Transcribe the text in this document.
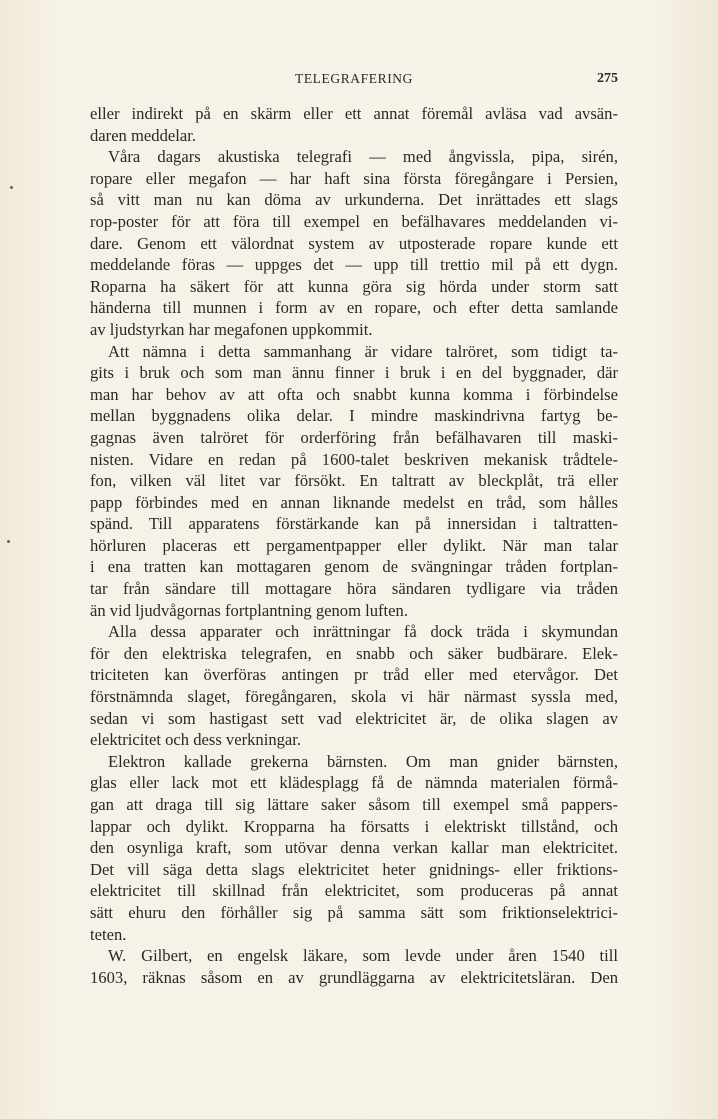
TELEGRAFERING	275
eller indirekt på en skärm eller ett annat föremål avläsa vad avsän-
daren meddelar.
Våra dagars akustiska telegrafi — med ångvissla, pipa, sirén,
ropare eller megafon — har haft sina första föregångare i Persien,
så vitt man nu kan döma av urkunderna. Det inrättades ett slags
rop-poster för att föra till exempel en befälhavares meddelanden vi-
dare. Genom ett välordnat system av utposterade ropare kunde ett
meddelande föras — uppges det — upp till trettio mil på ett dygn.
Roparna ha säkert för att kunna göra sig hörda under storm satt
händerna till munnen i form av en ropare, och efter detta samlande
av ljudstyrkan har megafonen uppkommit.
Att nämna i detta sammanhang är vidare talröret, som tidigt ta-
gits i bruk och som man ännu finner i bruk i en del byggnader, där
man har behov av att ofta och snabbt kunna komma i förbindelse
mellan byggnadens olika delar. I mindre maskindrivna fartyg be-
gagnas även talröret för orderföring från befälhavaren till maski-
nisten. Vidare en redan på 1600-talet beskriven mekanisk trådtele-
fon, vilken väl litet var försökt. En taltratt av bleckplåt, trä eller
papp förbindes med en annan liknande medelst en tråd, som hålles
spänd. Till apparatens förstärkande kan på innersidan i taltratten-
hörluren placeras ett pergamentpapper eller dylikt. När man talar
i ena tratten kan mottagaren genom de svängningar tråden fortplan-
tar från sändare till mottagare höra sändaren tydligare via tråden
än vid ljudvågornas fortplantning genom luften.
Alla dessa apparater och inrättningar få dock träda i skymundan
för den elektriska telegrafen, en snabb och säker budbärare. Elek-
triciteten kan överföras antingen pr tråd eller med etervågor. Det
förstnämnda slaget, föregångaren, skola vi här närmast syssla med,
sedan vi som hastigast sett vad elektricitet är, de olika slagen av
elektricitet och dess verkningar.
Elektron kallade grekerna bärnsten. Om man gnider bärnsten,
glas eller lack mot ett klädesplagg få de nämnda materialen förmå-
gan att draga till sig lättare saker såsom till exempel små pappers-
lappar och dylikt. Kropparna ha försatts i elektriskt tillstånd, och
den osynliga kraft, som utövar denna verkan kallar man elektricitet.
Det vill säga detta slags elektricitet heter gnidnings- eller friktions-
elektricitet till skillnad från elektricitet, som produceras på annat
sätt ehuru den förhåller sig på samma sätt som friktionselektrici-
teten.
W. Gilbert, en engelsk läkare, som levde under åren 1540 till
1603, räknas såsom en av grundläggarna av elektricitetsläran. Den
